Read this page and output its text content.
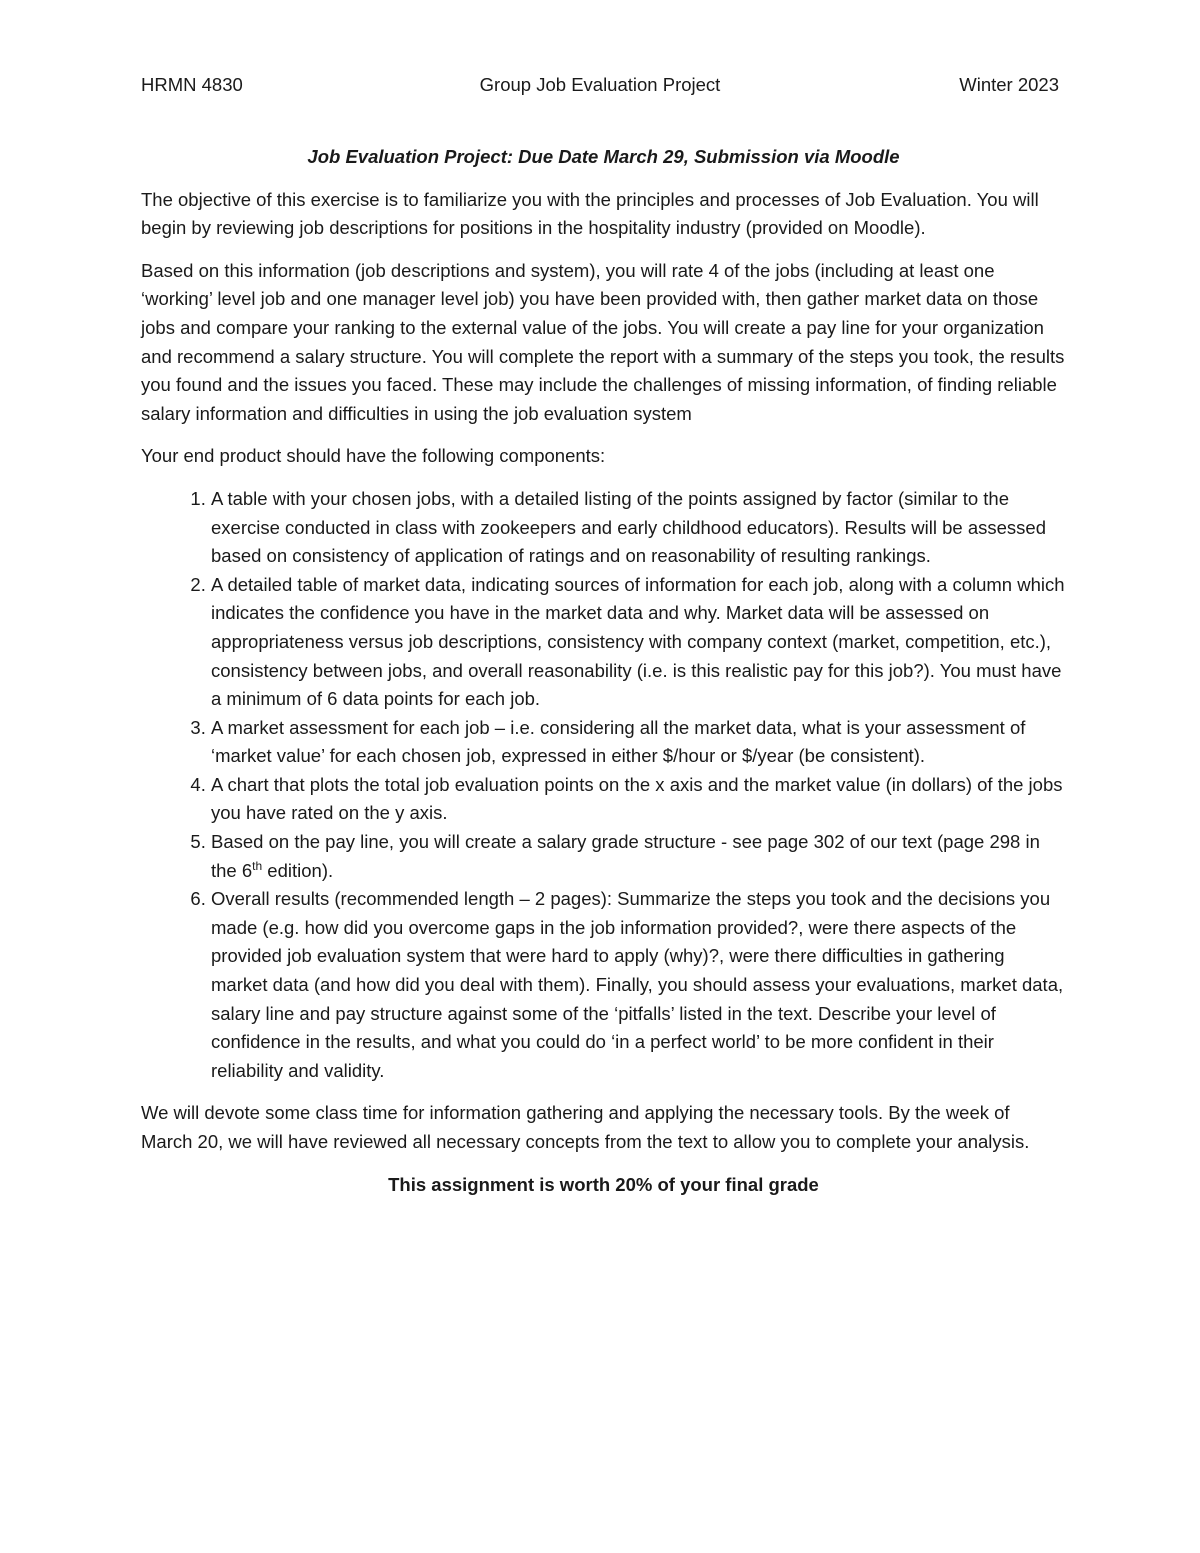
HRMN 4830	Group Job Evaluation Project	Winter 2023
Job Evaluation Project: Due Date March 29, Submission via Moodle

The objective of this exercise is to familiarize you with the principles and processes of Job Evaluation. You will begin by reviewing job descriptions for positions in the hospitality industry (provided on Moodle).

Based on this information (job descriptions and system), you will rate 4 of the jobs (including at least one ‘working’ level job and one manager level job) you have been provided with, then gather market data on those jobs and compare your ranking to the external value of the jobs. You will create a pay line for your organization and recommend a salary structure. You will complete the report with a summary of the steps you took, the results you found and the issues you faced. These may include the challenges of missing information, of finding reliable salary information and difficulties in using the job evaluation system

Your end product should have the following components:

1. A table with your chosen jobs, with a detailed listing of the points assigned by factor (similar to the exercise conducted in class with zookeepers and early childhood educators). Results will be assessed based on consistency of application of ratings and on reasonability of resulting rankings.
2. A detailed table of market data, indicating sources of information for each job, along with a column which indicates the confidence you have in the market data and why. Market data will be assessed on appropriateness versus job descriptions, consistency with company context (market, competition, etc.), consistency between jobs, and overall reasonability (i.e. is this realistic pay for this job?). You must have a minimum of 6 data points for each job.
3. A market assessment for each job – i.e. considering all the market data, what is your assessment of ‘market value’ for each chosen job, expressed in either $/hour or $/year (be consistent).
4. A chart that plots the total job evaluation points on the x axis and the market value (in dollars) of the jobs you have rated on the y axis.
5. Based on the pay line, you will create a salary grade structure - see page 302 of our text (page 298 in the 6th edition).
6. Overall results (recommended length – 2 pages): Summarize the steps you took and the decisions you made (e.g. how did you overcome gaps in the job information provided?, were there aspects of the provided job evaluation system that were hard to apply (why)?, were there difficulties in gathering market data (and how did you deal with them). Finally, you should assess your evaluations, market data, salary line and pay structure against some of the ‘pitfalls’ listed in the text. Describe your level of confidence in the results, and what you could do ‘in a perfect world’ to be more confident in their reliability and validity.

We will devote some class time for information gathering and applying the necessary tools. By the week of March 20, we will have reviewed all necessary concepts from the text to allow you to complete your analysis.

This assignment is worth 20% of your final grade
